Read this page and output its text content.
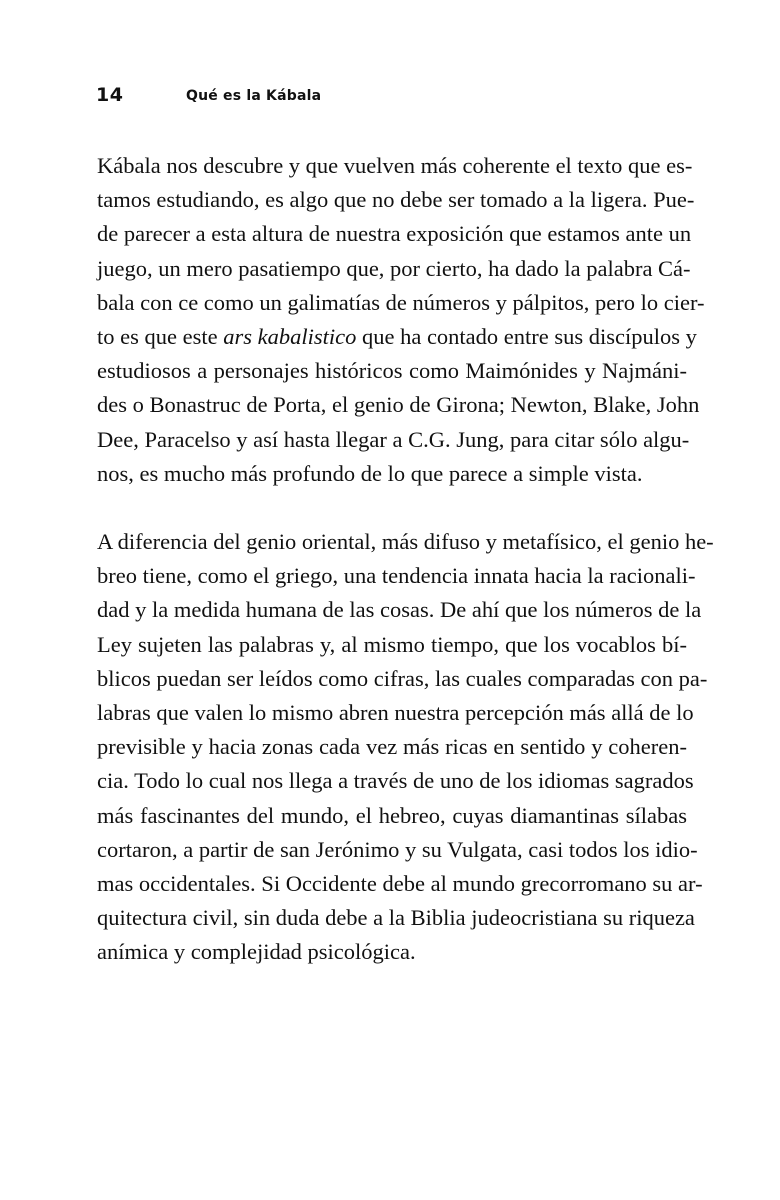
14	Qué es la Kábala
Kábala nos descubre y que vuelven más coherente el texto que es-
tamos estudiando, es algo que no debe ser tomado a la ligera. Pue-
de parecer a esta altura de nuestra exposición que estamos ante un
juego, un mero pasatiempo que, por cierto, ha dado la palabra Cá-
bala con ce como un galimatías de números y pálpitos, pero lo cier-
to es que este ars kabalistico que ha contado entre sus discípulos y
estudiosos a personajes históricos como Maimónides y Najmáni-
des o Bonastruc de Porta, el genio de Girona; Newton, Blake, John
Dee, Paracelso y así hasta llegar a C.G. Jung, para citar sólo algu-
nos, es mucho más profundo de lo que parece a simple vista.
A diferencia del genio oriental, más difuso y metafísico, el genio he-
breo tiene, como el griego, una tendencia innata hacia la racionali-
dad y la medida humana de las cosas. De ahí que los números de la
Ley sujeten las palabras y, al mismo tiempo, que los vocablos bí-
blicos puedan ser leídos como cifras, las cuales comparadas con pa-
labras que valen lo mismo abren nuestra percepción más allá de lo
previsible y hacia zonas cada vez más ricas en sentido y coheren-
cia. Todo lo cual nos llega a través de uno de los idiomas sagrados
más fascinantes del mundo, el hebreo, cuyas diamantinas sílabas
cortaron, a partir de san Jerónimo y su Vulgata, casi todos los idio-
mas occidentales. Si Occidente debe al mundo grecorromano su ar-
quitectura civil, sin duda debe a la Biblia judeocristiana su riqueza
anímica y complejidad psicológica.
